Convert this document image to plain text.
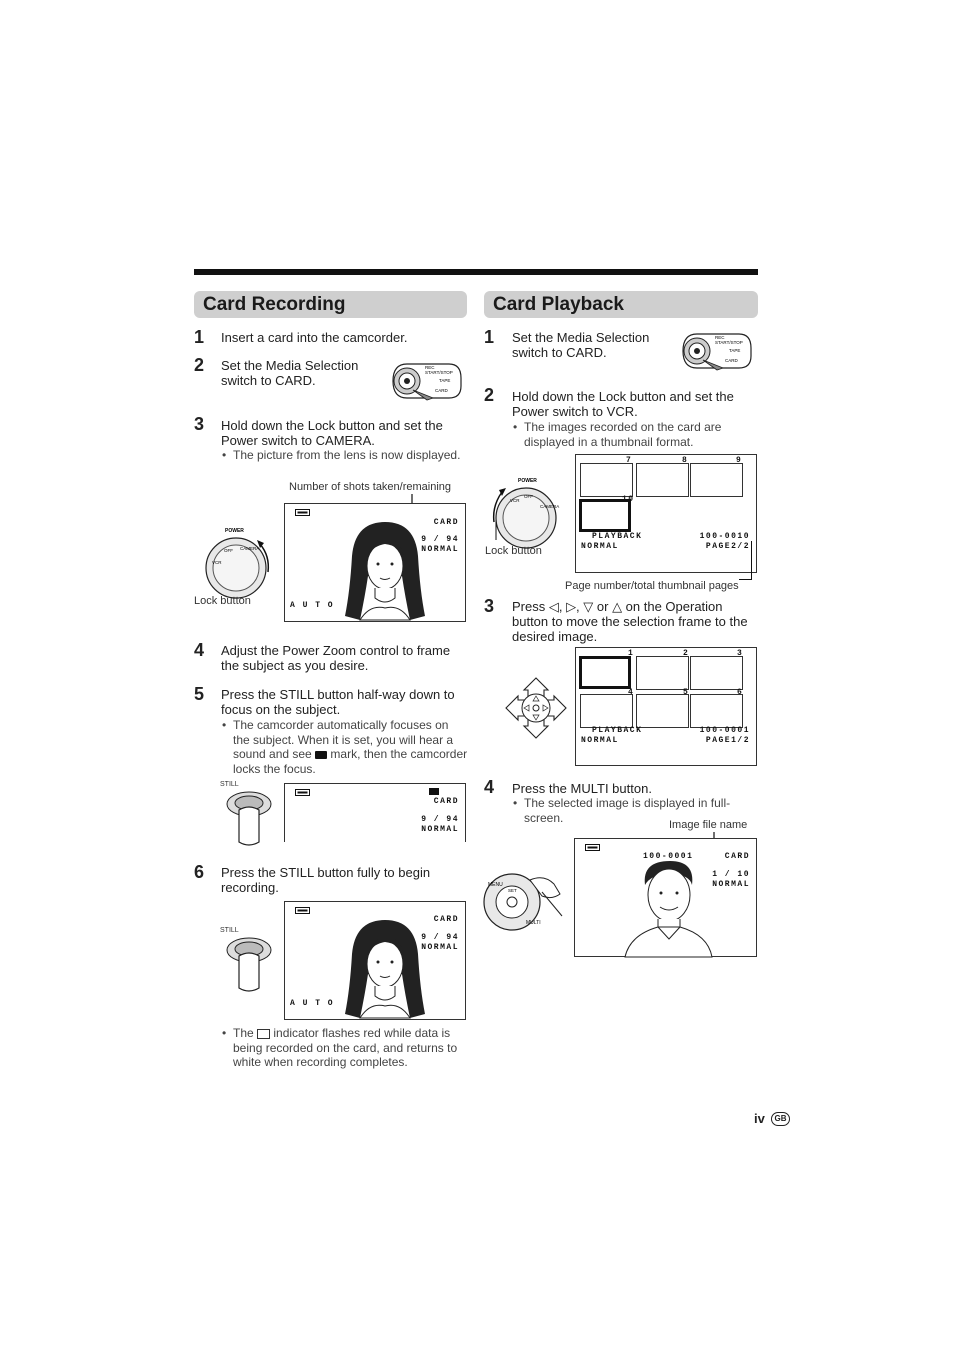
Card Recording
1 Insert a card into the camcorder.
2 Set the Media Selection switch to CARD.
REC
START/STOP
TAPE
CARD
3 Hold down the Lock button and set the Power switch to CAMERA.
• The picture from the lens is now displayed.
Number of shots taken/remaining
POWER
VCR
OFF CAMERA
Lock button
CARD
9 / 94
NORMAL
A U T O
4 Adjust the Power Zoom control to frame the subject as you desire.
5 Press the STILL button half-way down to focus on the subject.
• The camcorder automatically focuses on the subject. When it is set, you will hear a sound and see mark, then the camcorder locks the focus.
STILL
CARD
9 / 94
NORMAL
6 Press the STILL button fully to begin recording.
STILL
CARD
9 / 94
NORMAL
A U T O
• The indicator flashes red while data is being recorded on the card, and returns to white when recording completes.
Card Playback
1 Set the Media Selection switch to CARD.
REC
START/STOP
TAPE
CARD
2 Hold down the Lock button and set the Power switch to VCR.
• The images recorded on the card are displayed in a thumbnail format.
POWER
VCR
OFF
CAMERA
Lock button
7	8	9
10
PLAYBACK
NORMAL
100-0010
PAGE2/2
Page number/total thumbnail pages
3 Press ◁, ▷, ▽ or △ on the Operation button to move the selection frame to the desired image.
1	2	3
4	5	6
PLAYBACK
NORMAL
100-0001
PAGE1/2
4 Press the MULTI button.
• The selected image is displayed in full-screen.
Image file name
MENU
MULTI
SET
100-0001	CARD
1 / 10
NORMAL
iv	GB
